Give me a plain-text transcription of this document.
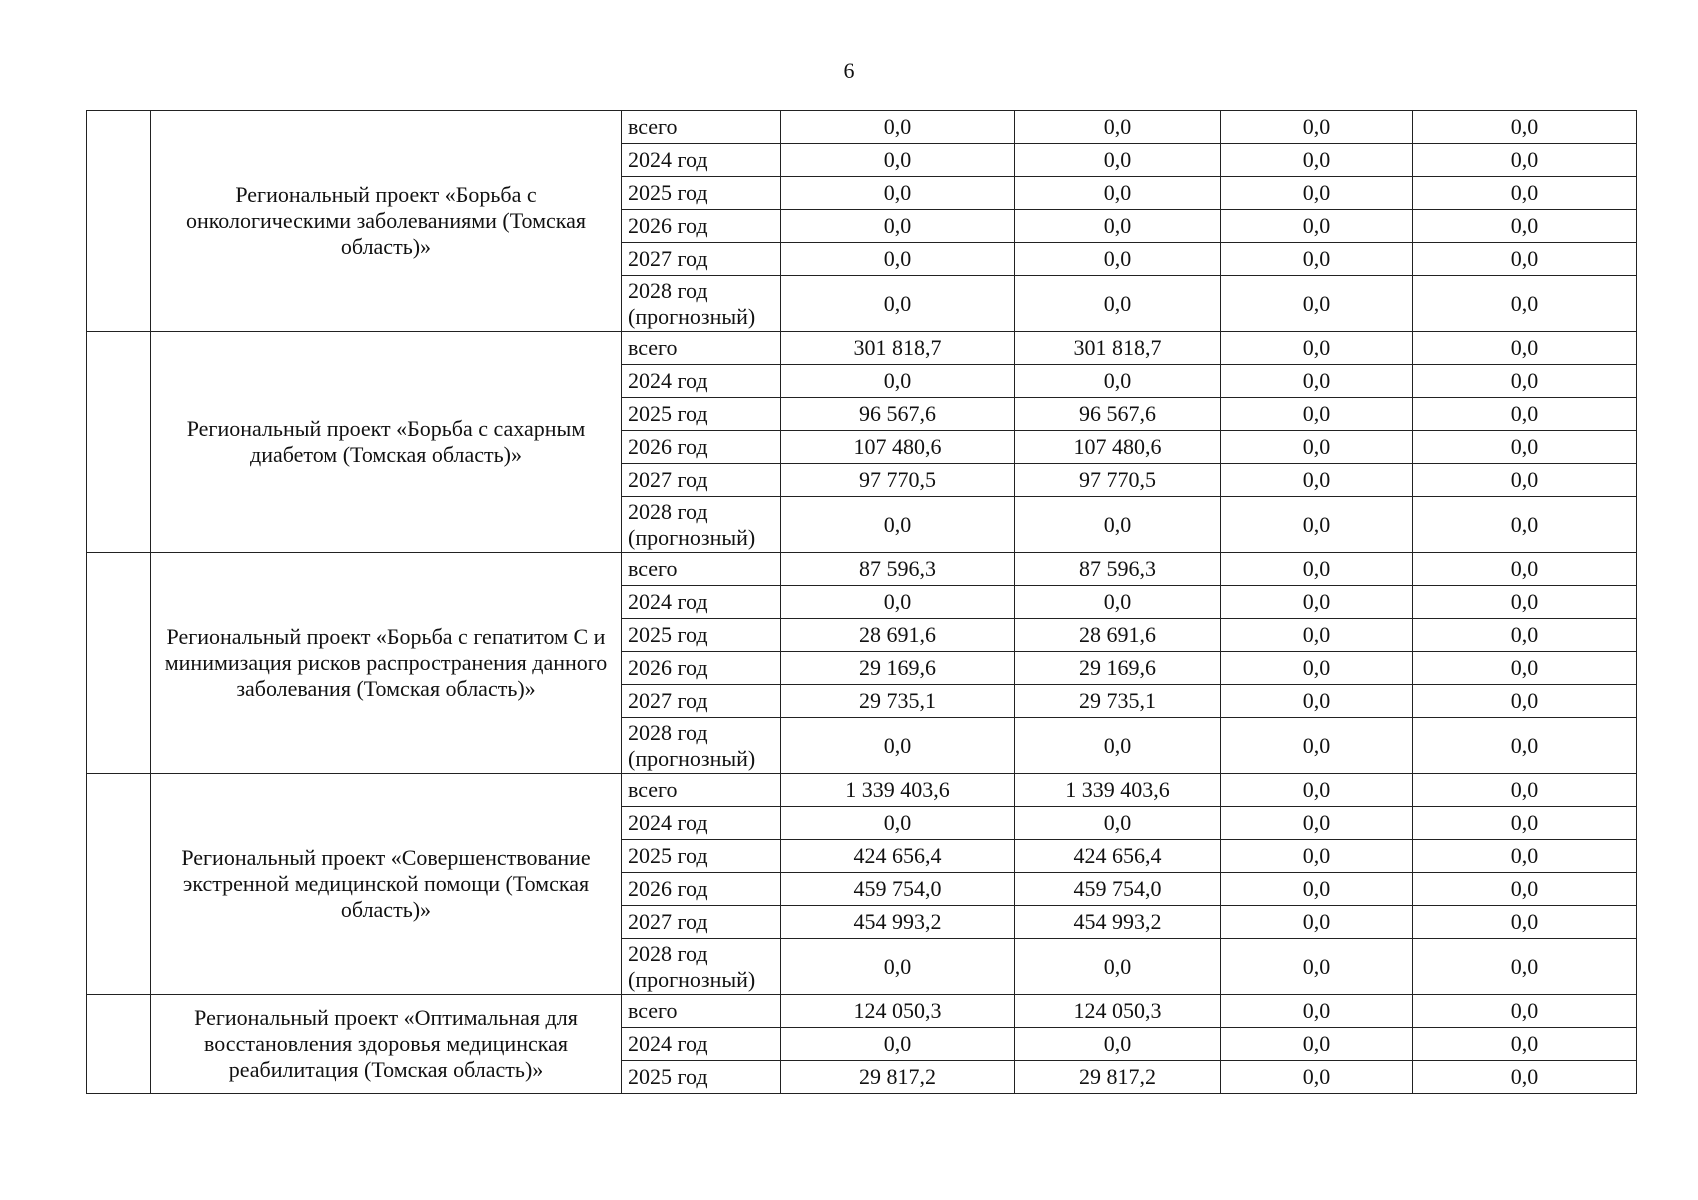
6

	Региональный проект «Борьба с онкологическими заболеваниями (Томская область)»	всего	0,0	0,0	0,0	0,0
		2024 год	0,0	0,0	0,0	0,0
		2025 год	0,0	0,0	0,0	0,0
		2026 год	0,0	0,0	0,0	0,0
		2027 год	0,0	0,0	0,0	0,0
		2028 год (прогнозный)	0,0	0,0	0,0	0,0

	Региональный проект «Борьба с сахарным диабетом (Томская область)»	всего	301 818,7	301 818,7	0,0	0,0
		2024 год	0,0	0,0	0,0	0,0
		2025 год	96 567,6	96 567,6	0,0	0,0
		2026 год	107 480,6	107 480,6	0,0	0,0
		2027 год	97 770,5	97 770,5	0,0	0,0
		2028 год (прогнозный)	0,0	0,0	0,0	0,0

	Региональный проект «Борьба с гепатитом С и минимизация рисков распространения данного заболевания (Томская область)»	всего	87 596,3	87 596,3	0,0	0,0
		2024 год	0,0	0,0	0,0	0,0
		2025 год	28 691,6	28 691,6	0,0	0,0
		2026 год	29 169,6	29 169,6	0,0	0,0
		2027 год	29 735,1	29 735,1	0,0	0,0
		2028 год (прогнозный)	0,0	0,0	0,0	0,0

	Региональный проект «Совершенствование экстренной медицинской помощи (Томская область)»	всего	1 339 403,6	1 339 403,6	0,0	0,0
		2024 год	0,0	0,0	0,0	0,0
		2025 год	424 656,4	424 656,4	0,0	0,0
		2026 год	459 754,0	459 754,0	0,0	0,0
		2027 год	454 993,2	454 993,2	0,0	0,0
		2028 год (прогнозный)	0,0	0,0	0,0	0,0

	Региональный проект «Оптимальная для восстановления здоровья медицинская реабилитация (Томская область)»	всего	124 050,3	124 050,3	0,0	0,0
		2024 год	0,0	0,0	0,0	0,0
		2025 год	29 817,2	29 817,2	0,0	0,0
